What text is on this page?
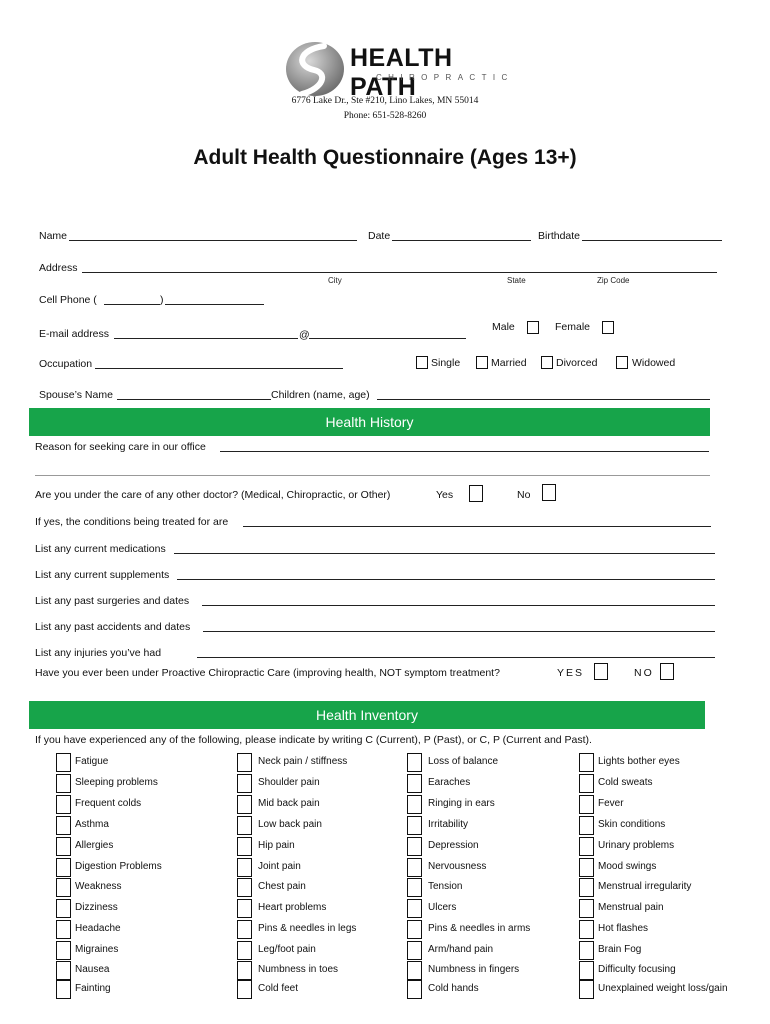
HEALTH PATH
CHIROPRACTIC
6776 Lake Dr., Ste #210, Lino Lakes, MN 55014
Phone: 651-528-8260
Adult Health Questionnaire (Ages 13+)
Name	Date	Birthdate
Address
City	State	Zip Code
Cell Phone (	)
E-mail address	@
Male	Female
Occupation	Single	Married	Divorced	Widowed
Spouse’s Name	Children (name, age)
Health History
Reason for seeking care in our office
Are you under the care of any other doctor? (Medical, Chiropractic, or Other)	Yes	No
If yes, the conditions being treated for are
List any current medications
List any current supplements
List any past surgeries and dates
List any past accidents and dates
List any injuries you’ve had
Have you ever been under Proactive Chiropractic Care (improving health, NOT symptom treatment?	YES	NO
Health Inventory
If you have experienced any of the following, please indicate by writing C (Current), P (Past), or C, P (Current and Past).
Fatigue
Sleeping problems
Frequent colds
Asthma
Allergies
Digestion Problems
Weakness
Dizziness
Headache
Migraines
Nausea
Fainting
Neck pain / stiffness
Shoulder pain
Mid back pain
Low back pain
Hip pain
Joint pain
Chest pain
Heart problems
Pins & needles in legs
Leg/foot pain
Numbness in toes
Cold feet
Loss of balance
Earaches
Ringing in ears
Irritability
Depression
Nervousness
Tension
Ulcers
Pins & needles in arms
Arm/hand pain
Numbness in fingers
Cold hands
Lights bother eyes
Cold sweats
Fever
Skin conditions
Urinary problems
Mood swings
Menstrual irregularity
Menstrual pain
Hot flashes
Brain Fog
Difficulty focusing
Unexplained weight loss/gain
